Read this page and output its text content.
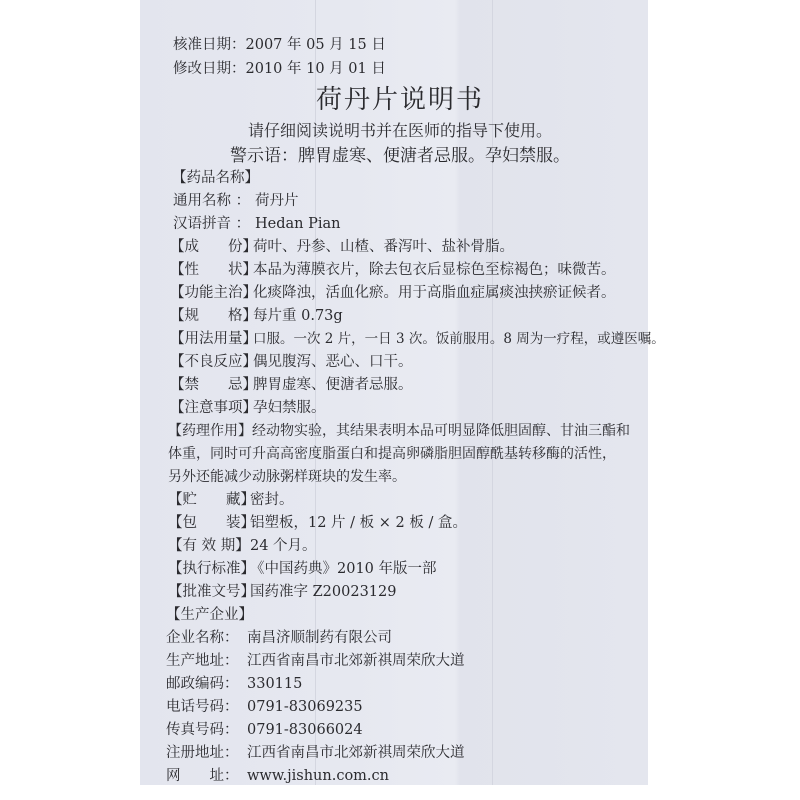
核准日期：2007 年 05 月 15 日
修改日期：2010 年 10 月 01 日
荷丹片说明书
请仔细阅读说明书并在医师的指导下使用。
警示语：脾胃虚寒、便溏者忌服。孕妇禁服。
【药品名称】
通用名称 ： 荷丹片
汉语拼音 ： Hedan Pian
【成　　份】荷叶、丹参、山楂、番泻叶、盐补骨脂。
【性　　状】本品为薄膜衣片，除去包衣后显棕色至棕褐色；味微苦。
【功能主治】化痰降浊，活血化瘀。用于高脂血症属痰浊挟瘀证候者。
【规　　格】每片重 0.73g
【用法用量】口服。一次 2 片，一日 3 次。饭前服用。8 周为一疗程，或遵医嘱。
【不良反应】偶见腹泻、恶心、口干。
【禁　　忌】脾胃虚寒、便溏者忌服。
【注意事项】孕妇禁服。
【药理作用】经动物实验，其结果表明本品可明显降低胆固醇、甘油三酯和
体重，同时可升高高密度脂蛋白和提高卵磷脂胆固醇酰基转移酶的活性，
另外还能减少动脉粥样斑块的发生率。
【贮　　藏】密封。
【包　　装】铝塑板，12 片 / 板 × 2 板 / 盒。
【有 效 期】24 个月。
【执行标准】《中国药典》2010 年版一部
【批准文号】国药准字 Z20023129
【生产企业】
企业名称： 南昌济顺制药有限公司
生产地址： 江西省南昌市北郊新祺周荣欣大道
邮政编码： 330115
电话号码： 0791-83069235
传真号码： 0791-83066024
注册地址： 江西省南昌市北郊新祺周荣欣大道
网　　址： www.jishun.com.cn
